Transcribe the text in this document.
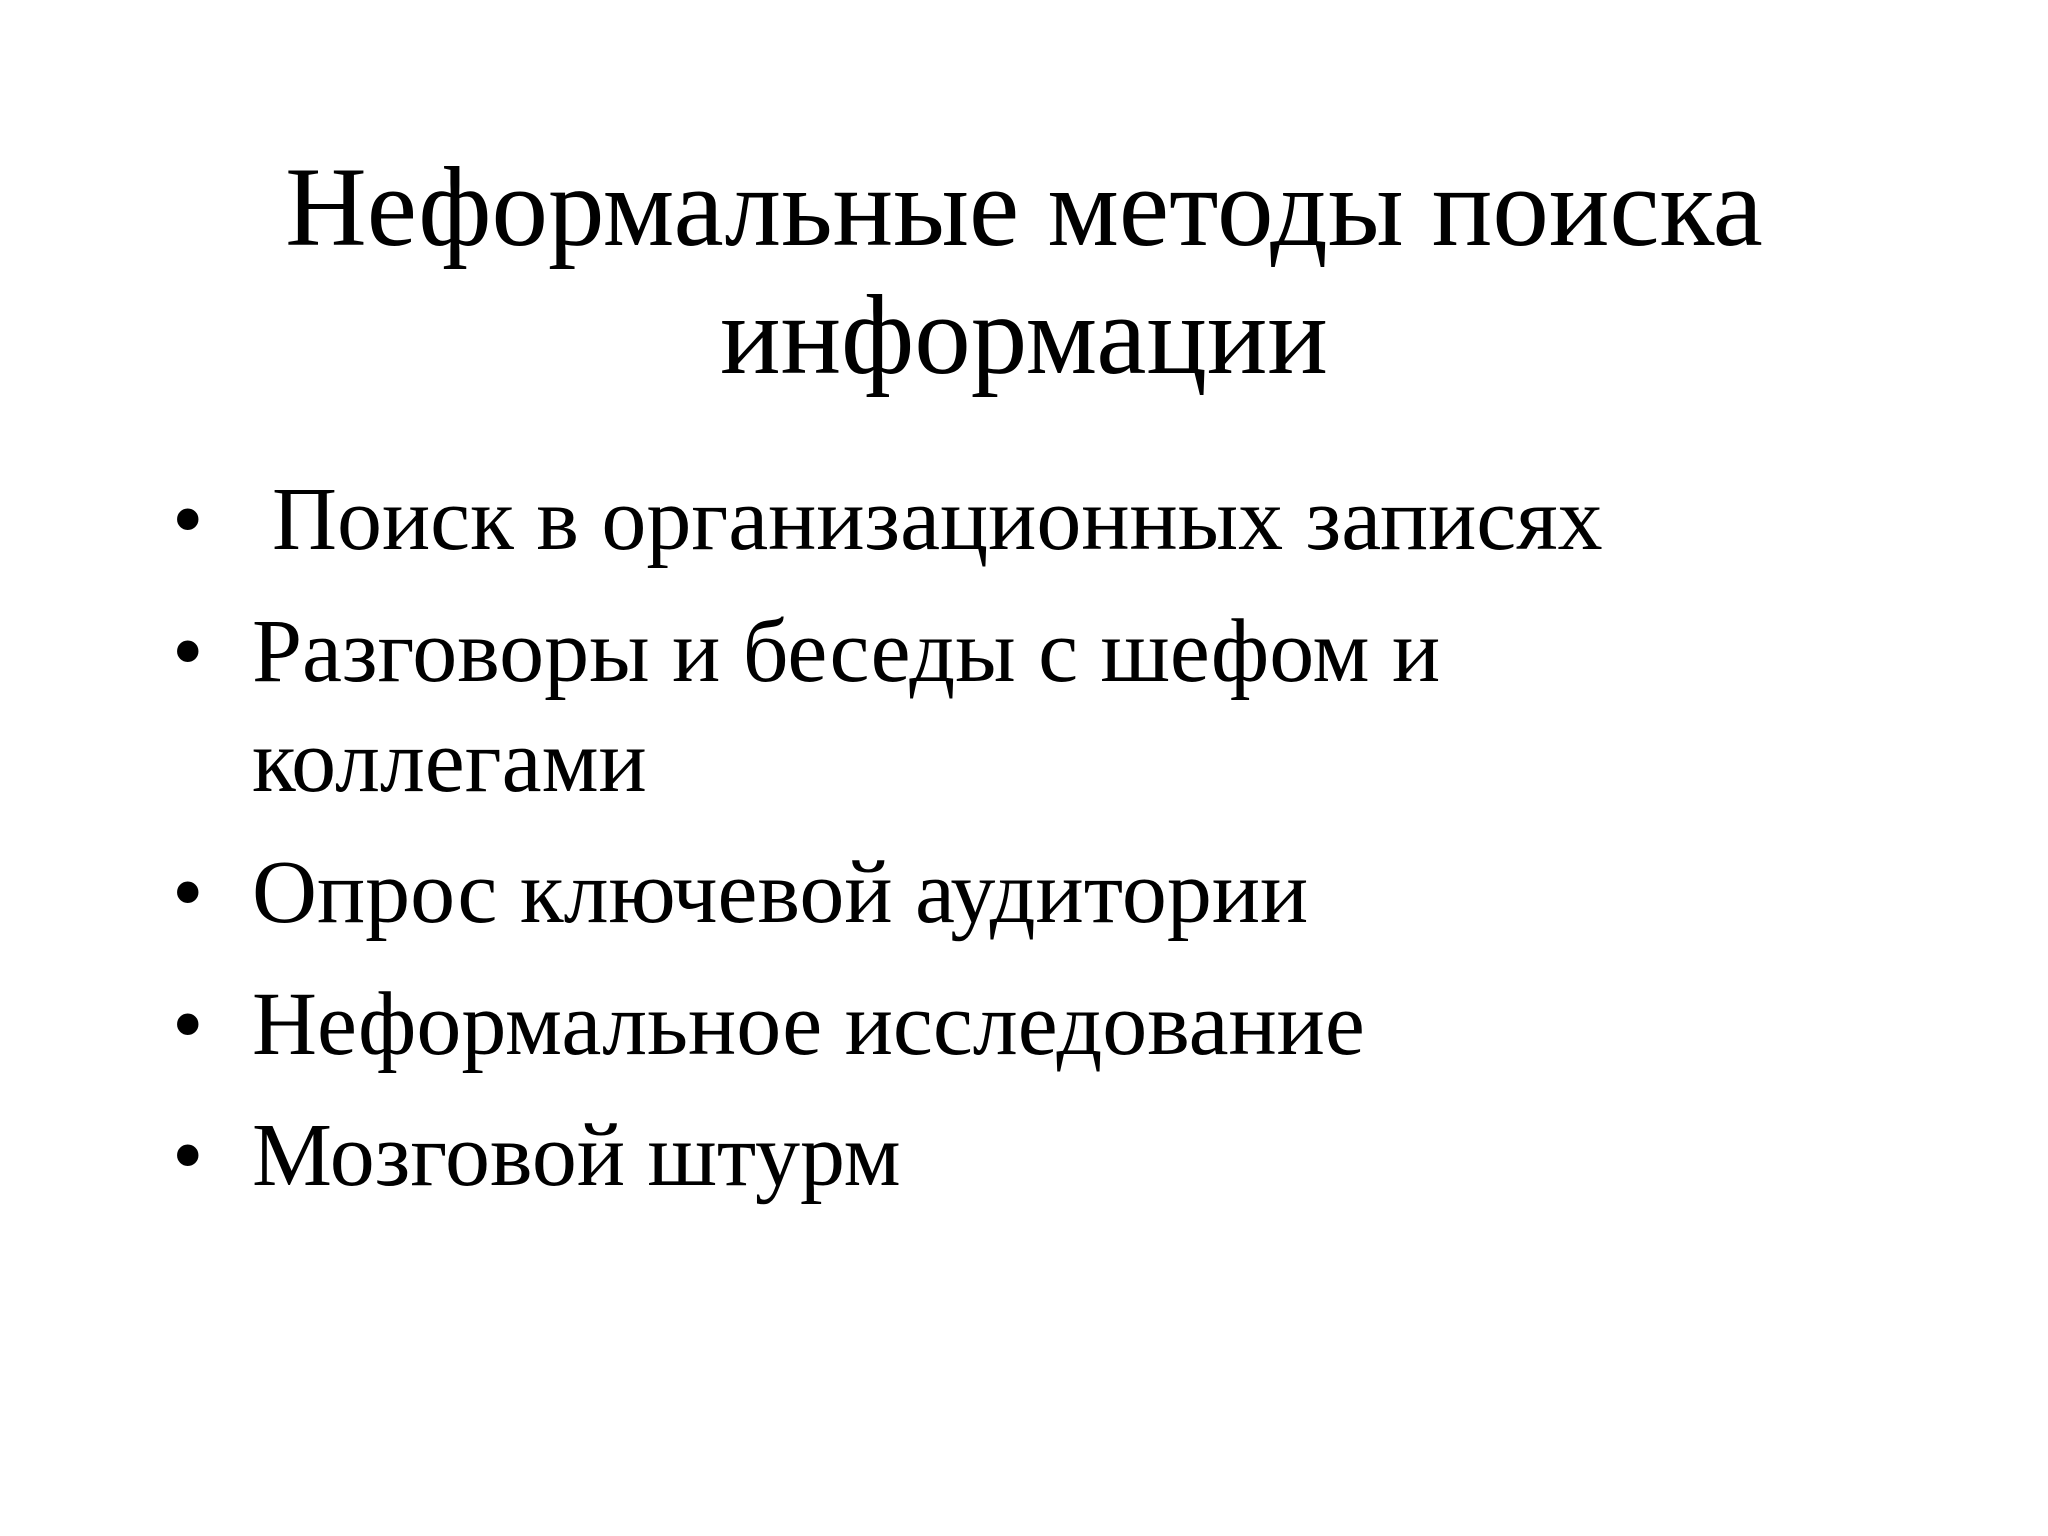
Неформальные методы поиска
информации
• Поиск в организационных записях
• Разговоры и беседы с шефом и
коллегами
• Опрос ключевой аудитории
• Неформальное исследование
• Мозговой штурм
